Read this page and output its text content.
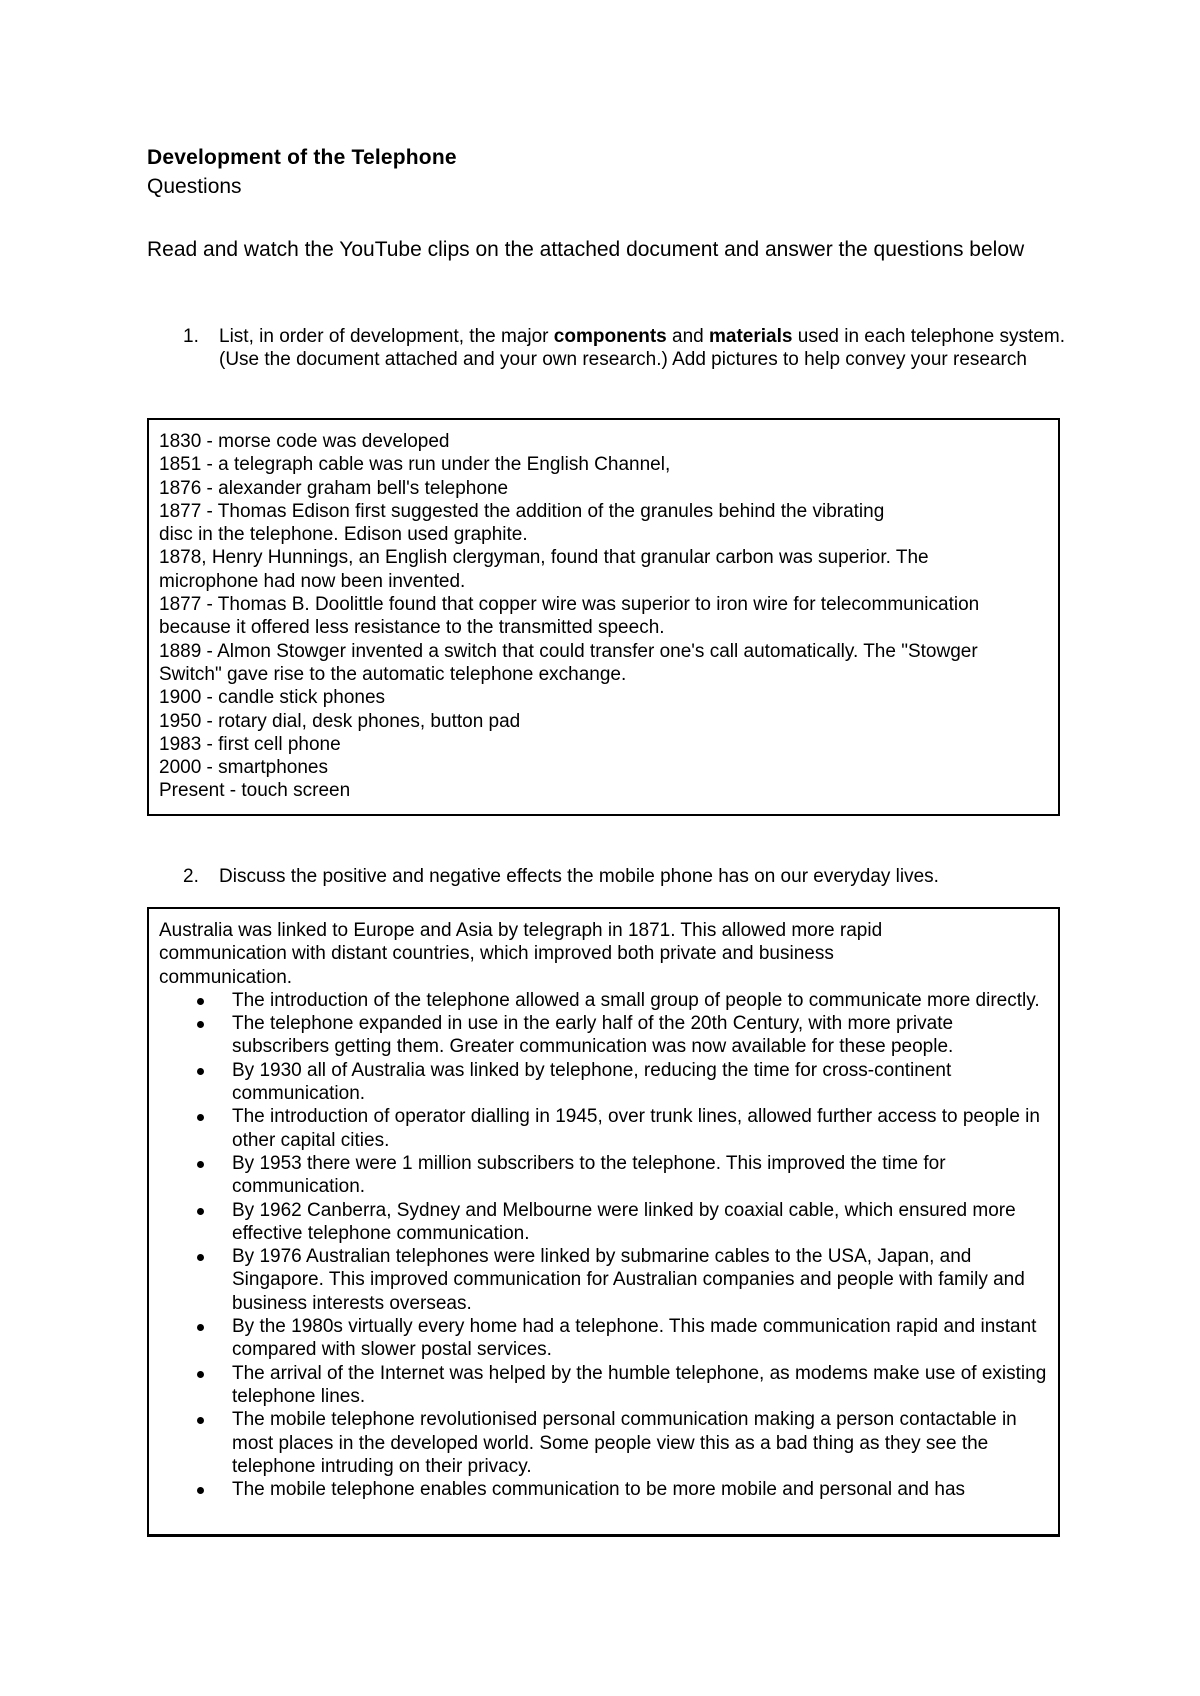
Development of the Telephone
Questions
Read and watch the YouTube clips on the attached document and answer the questions below
1. List, in order of development, the major components and materials used in each telephone system. (Use the document attached and your own research.) Add pictures to help convey your research
1830 - morse code was developed
1851 - a telegraph cable was run under the English Channel,
1876 - alexander graham bell's telephone
1877 - Thomas Edison first suggested the addition of the granules behind the vibrating
disc in the telephone. Edison used graphite.
1878, Henry Hunnings, an English clergyman, found that granular carbon was superior. The
microphone had now been invented.
1877 - Thomas B. Doolittle found that copper wire was superior to iron wire for telecommunication
because it offered less resistance to the transmitted speech.
1889 - Almon Stowger invented a switch that could transfer one's call automatically. The "Stowger
Switch" gave rise to the automatic telephone exchange.
1900 - candle stick phones
1950 - rotary dial, desk phones, button pad
1983 - first cell phone
2000 - smartphones
Present - touch screen
2. Discuss the positive and negative effects the mobile phone has on our everyday lives.
Australia was linked to Europe and Asia by telegraph in 1871. This allowed more rapid communication with distant countries, which improved both private and business communication.
The introduction of the telephone allowed a small group of people to communicate more directly.
The telephone expanded in use in the early half of the 20th Century, with more private subscribers getting them. Greater communication was now available for these people.
By 1930 all of Australia was linked by telephone, reducing the time for cross-continent communication.
The introduction of operator dialling in 1945, over trunk lines, allowed further access to people in other capital cities.
By 1953 there were 1 million subscribers to the telephone. This improved the time for communication.
By 1962 Canberra, Sydney and Melbourne were linked by coaxial cable, which ensured more effective telephone communication.
By 1976 Australian telephones were linked by submarine cables to the USA, Japan, and Singapore. This improved communication for Australian companies and people with family and business interests overseas.
By the 1980s virtually every home had a telephone. This made communication rapid and instant compared with slower postal services.
The arrival of the Internet was helped by the humble telephone, as modems make use of existing telephone lines.
The mobile telephone revolutionised personal communication making a person contactable in most places in the developed world. Some people view this as a bad thing as they see the telephone intruding on their privacy.
The mobile telephone enables communication to be more mobile and personal and has
